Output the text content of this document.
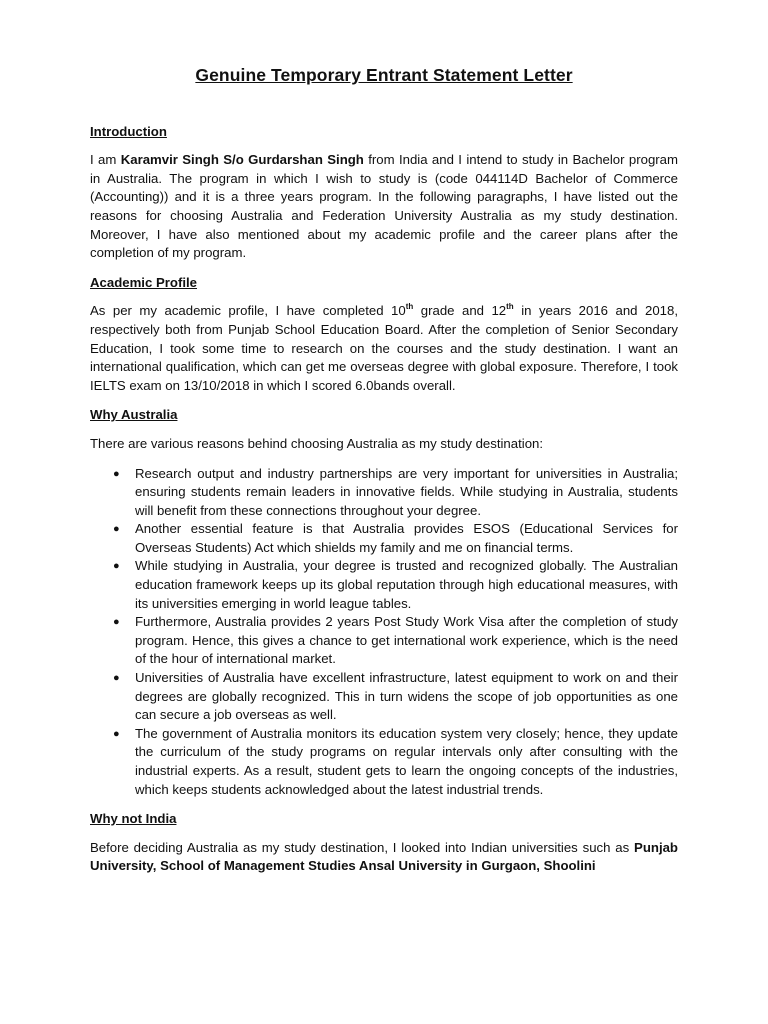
Genuine Temporary Entrant Statement Letter
Introduction

I am Karamvir Singh S/o Gurdarshan Singh from India and I intend to study in Bachelor program in Australia. The program in which I wish to study is (code 044114D Bachelor of Commerce (Accounting)) and it is a three years program. In the following paragraphs, I have listed out the reasons for choosing Australia and Federation University Australia as my study destination. Moreover, I have also mentioned about my academic profile and the career plans after the completion of my program.

Academic Profile

As per my academic profile, I have completed 10th grade and 12th in years 2016 and 2018, respectively both from Punjab School Education Board. After the completion of Senior Secondary Education, I took some time to research on the courses and the study destination. I want an international qualification, which can get me overseas degree with global exposure. Therefore, I took IELTS exam on 13/10/2018 in which I scored 6.0bands overall.

Why Australia

There are various reasons behind choosing Australia as my study destination:

● Research output and industry partnerships are very important for universities in Australia; ensuring students remain leaders in innovative fields. While studying in Australia, students will benefit from these connections throughout your degree.
● Another essential feature is that Australia provides ESOS (Educational Services for Overseas Students) Act which shields my family and me on financial terms.
● While studying in Australia, your degree is trusted and recognized globally. The Australian education framework keeps up its global reputation through high educational measures, with its universities emerging in world league tables.
● Furthermore, Australia provides 2 years Post Study Work Visa after the completion of study program. Hence, this gives a chance to get international work experience, which is the need of the hour of international market.
● Universities of Australia have excellent infrastructure, latest equipment to work on and their degrees are globally recognized. This in turn widens the scope of job opportunities as one can secure a job overseas as well.
● The government of Australia monitors its education system very closely; hence, they update the curriculum of the study programs on regular intervals only after consulting with the industrial experts. As a result, student gets to learn the ongoing concepts of the industries, which keeps students acknowledged about the latest industrial trends.
Why not India

Before deciding Australia as my study destination, I looked into Indian universities such as Punjab University, School of Management Studies Ansal University in Gurgaon, Shoolini
